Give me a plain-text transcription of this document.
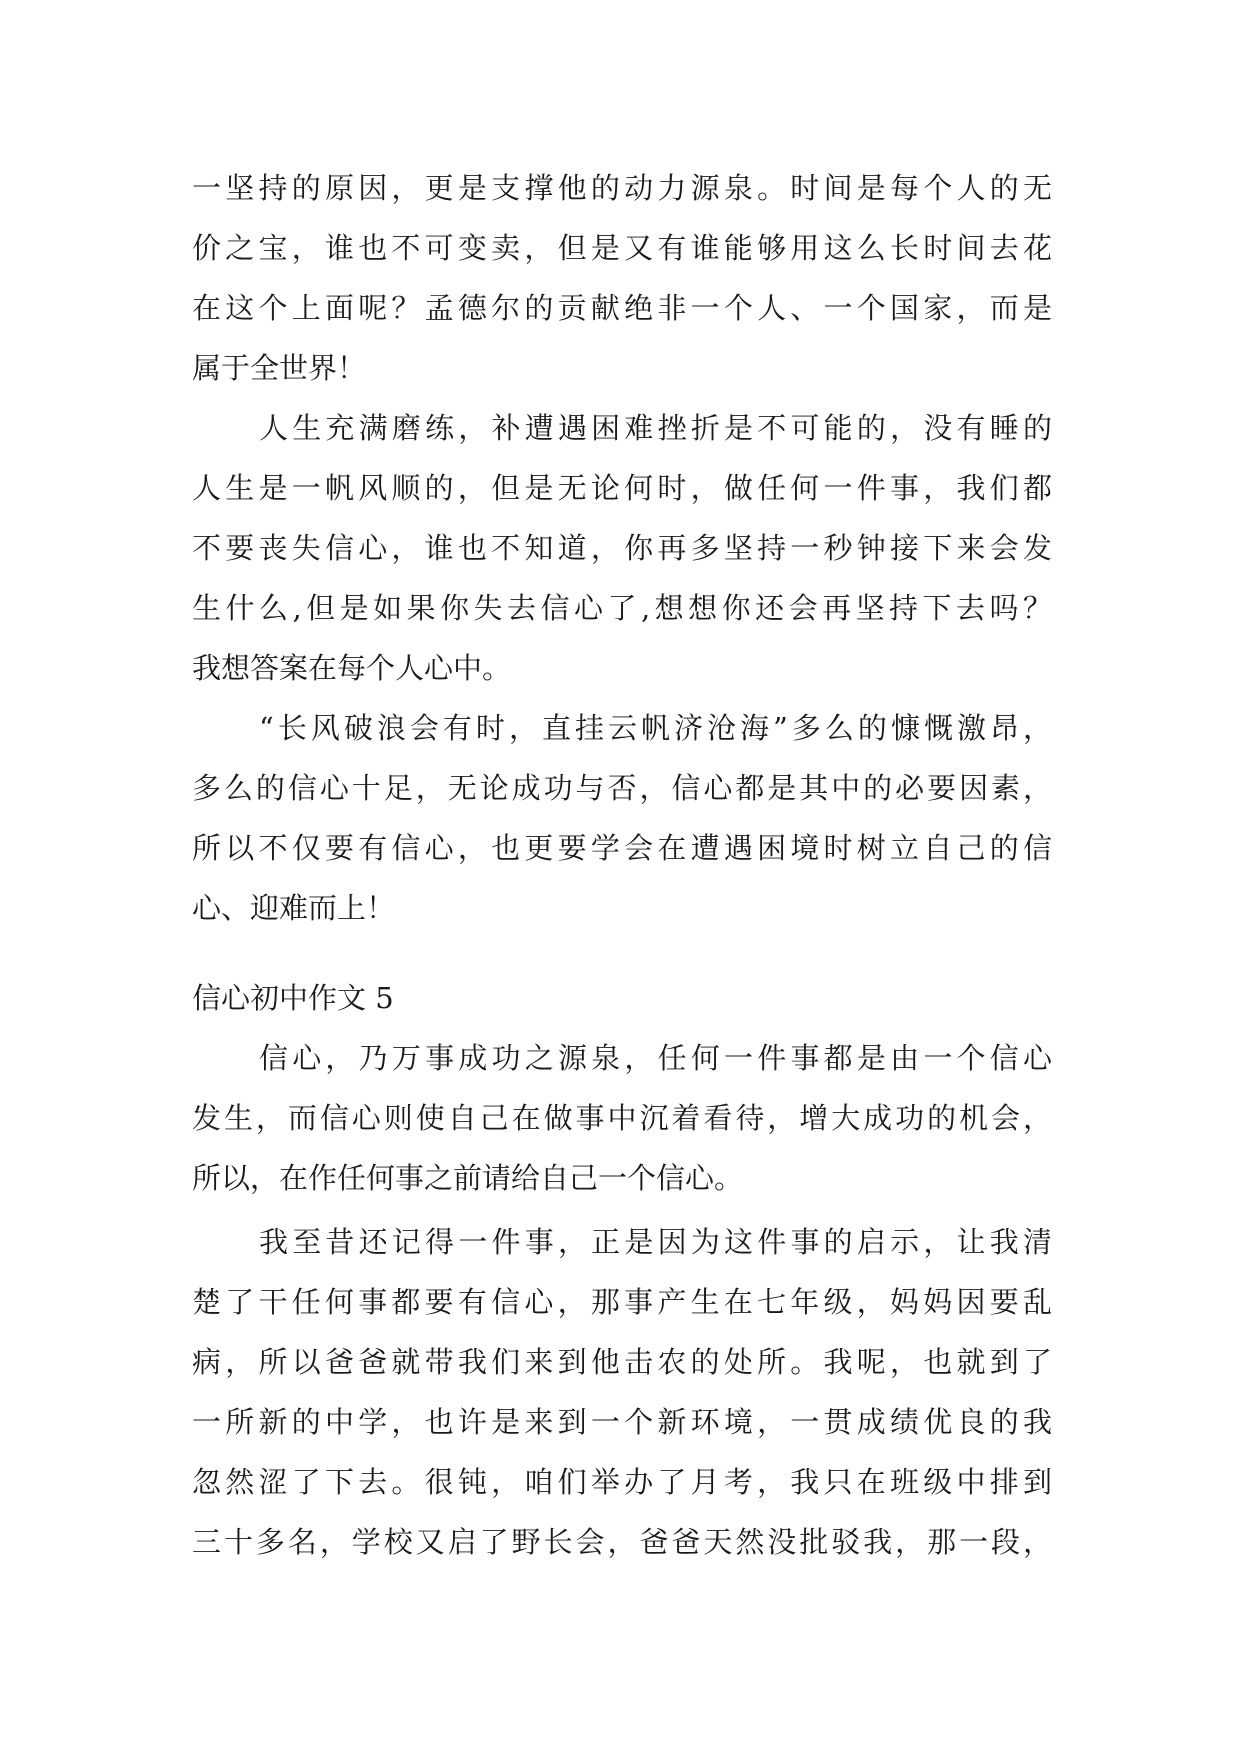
一坚持的原因，更是支撑他的动力源泉。时间是每个人的无
价之宝，谁也不可变卖，但是又有谁能够用这么长时间去花
在这个上面呢？孟德尔的贡献绝非一个人、一个国家，而是
属于全世界！
人生充满磨练，补遭遇困难挫折是不可能的，没有睡的
人生是一帆风顺的，但是无论何时，做任何一件事，我们都
不要丧失信心，谁也不知道，你再多坚持一秒钟接下来会发
生什么,但是如果你失去信心了,想想你还会再坚持下去吗？
我想答案在每个人心中。
“长风破浪会有时，直挂云帆济沧海”多么的慷慨激昂，
多么的信心十足，无论成功与否，信心都是其中的必要因素，
所以不仅要有信心，也更要学会在遭遇困境时树立自己的信
心、迎难而上！
信心初中作文 5
信心，乃万事成功之源泉，任何一件事都是由一个信心
发生，而信心则使自己在做事中沉着看待，增大成功的机会，
所以，在作任何事之前请给自己一个信心。
我至昔还记得一件事，正是因为这件事的启示，让我清
楚了干任何事都要有信心，那事产生在七年级，妈妈因要乱
病，所以爸爸就带我们来到他击农的处所。我呢，也就到了
一所新的中学，也许是来到一个新环境，一贯成绩优良的我
忽然涩了下去。很钝，咱们举办了月考，我只在班级中排到
三十多名，学校又启了野长会，爸爸天然没批驳我，那一段，
